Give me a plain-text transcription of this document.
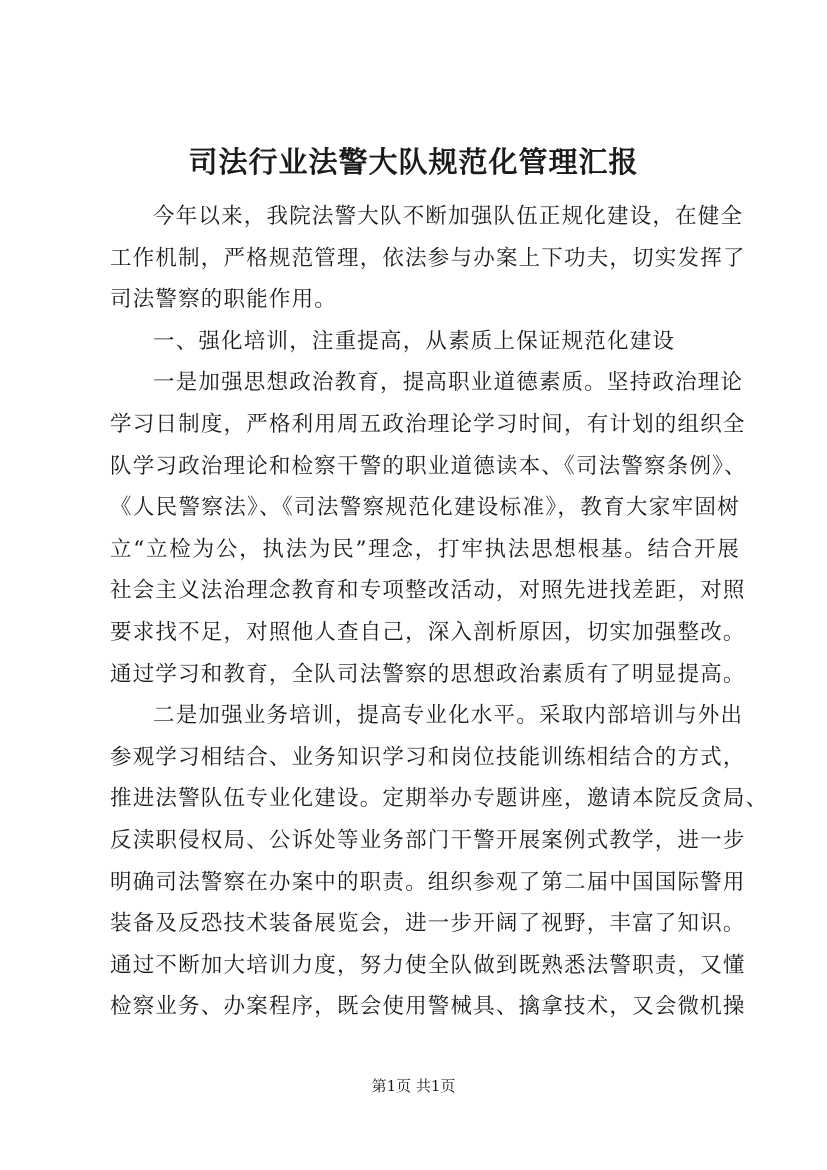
司法行业法警大队规范化管理汇报
今年以来，我院法警大队不断加强队伍正规化建设，在健全
工作机制，严格规范管理，依法参与办案上下功夫，切实发挥了
司法警察的职能作用。
一、强化培训，注重提高，从素质上保证规范化建设
一是加强思想政治教育，提高职业道德素质。坚持政治理论
学习日制度，严格利用周五政治理论学习时间，有计划的组织全
队学习政治理论和检察干警的职业道德读本、《司法警察条例》、
《人民警察法》、《司法警察规范化建设标准》，教育大家牢固树
立“立检为公，执法为民”理念，打牢执法思想根基。结合开展
社会主义法治理念教育和专项整改活动，对照先进找差距，对照
要求找不足，对照他人查自己，深入剖析原因，切实加强整改。
通过学习和教育，全队司法警察的思想政治素质有了明显提高。
二是加强业务培训，提高专业化水平。采取内部培训与外出
参观学习相结合、业务知识学习和岗位技能训练相结合的方式，
推进法警队伍专业化建设。定期举办专题讲座，邀请本院反贪局、
反渎职侵权局、公诉处等业务部门干警开展案例式教学，进一步
明确司法警察在办案中的职责。组织参观了第二届中国国际警用
装备及反恐技术装备展览会，进一步开阔了视野，丰富了知识。
通过不断加大培训力度，努力使全队做到既熟悉法警职责，又懂
检察业务、办案程序，既会使用警械具、擒拿技术，又会微机操
第1页 共1页
